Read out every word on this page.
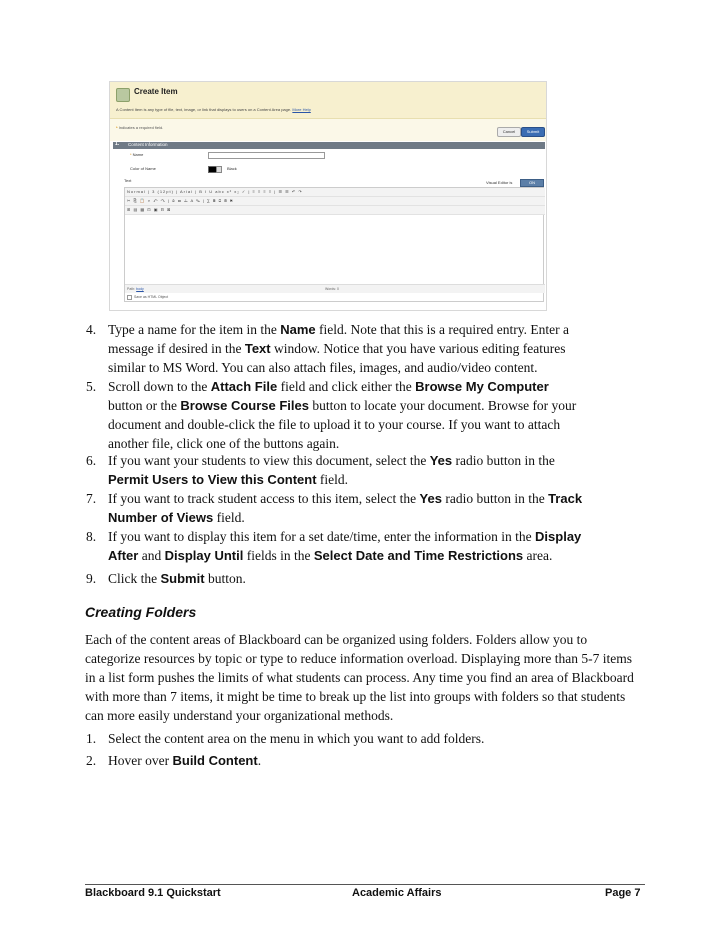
Create Item
A Content Item is any type of file, text, image, or link that displays to users on a Content Area page. More Help
* Indicates a required field.
Cancel	Submit
1. Content Information
* Name
Color of Name	Black
Text	Visual Editor is	ON
Normal | 3 (12pt) | Arial | B I U abc x² x₂ ✓ | ≡ ≡ ≡ ≡ | ☰ ☰ ↶ ↷
✂ ⎘ 📋 ⌕ ↶ ↷ | ⊘ ▭ ⚠ A ✎ | ∑ ⊞ ⊡ ⊟ ⌘
⊞ ▤ ▦ ⊡ ▣ ⊟ ⊠
Path: body	Words: 0
Save as HTML Object
4. Type a name for the item in the Name field. Note that this is a required entry. Enter a
message if desired in the Text window. Notice that you have various editing features
similar to MS Word. You can also attach files, images, and audio/video content.
5. Scroll down to the Attach File field and click either the Browse My Computer
button or the Browse Course Files button to locate your document. Browse for your
document and double-click the file to upload it to your course. If you want to attach
another file, click one of the buttons again.
6. If you want your students to view this document, select the Yes radio button in the
Permit Users to View this Content field.
7. If you want to track student access to this item, select the Yes radio button in the Track
Number of Views field.
8. If you want to display this item for a set date/time, enter the information in the Display
After and Display Until fields in the Select Date and Time Restrictions area.
9. Click the Submit button.
Creating Folders
Each of the content areas of Blackboard can be organized using folders. Folders allow you to categorize resources by topic or type to reduce information overload. Displaying more than 5-7 items in a list form pushes the limits of what students can process. Any time you find an area of Blackboard with more than 7 items, it might be time to break up the list into groups with folders so that students can more easily understand your organizational methods.
1. Select the content area on the menu in which you want to add folders.
2. Hover over Build Content.
Blackboard 9.1 Quickstart	Academic Affairs	Page 7
